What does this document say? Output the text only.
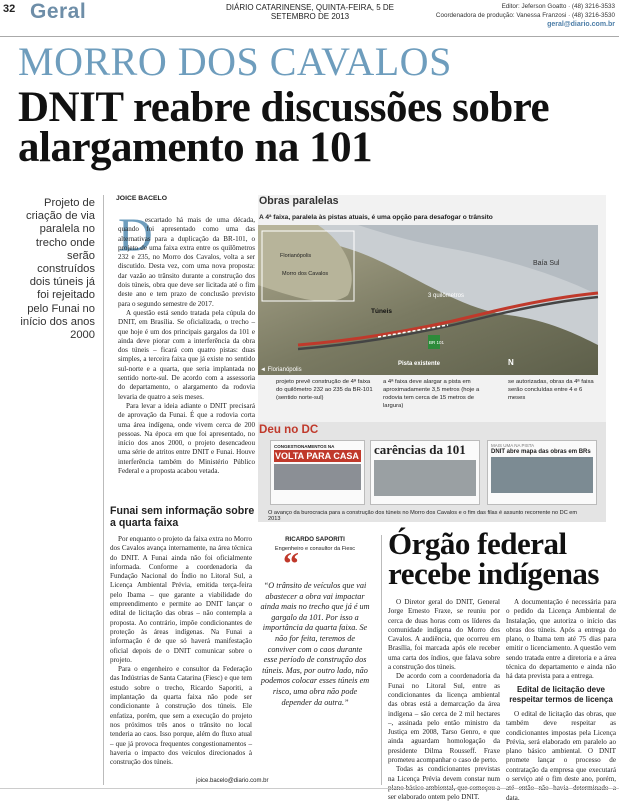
32 Geral	DIÁRIO CATARINENSE, QUINTA-FEIRA, 5 DE SETEMBRO DE 2013
Editor: Jeferson Goatto · (48) 3216-3533
Coordenadora de produção: Vanessa Franzosi · (48) 3216-3530
geral@diario.com.br
MORRO DOS CAVALOS
DNIT reabre discussões sobre alargamento na 101
Projeto de criação de via paralela no trecho onde serão construídos dois túneis já foi rejeitado pelo Funai no início dos anos 2000
JOICE BACELO
D

escartado há mais de uma década, quando foi apresentado como uma das alternativas para a duplicação da BR-101, o projeto de uma faixa extra entre os quilômetros 232 e 235, no Morro dos Cavalos, volta a ser discutido. Desta vez, com uma nova proposta: dar vazão ao trânsito durante a construção dos dois túneis, obra que deve ser licitada até o fim deste ano e tem prazo de conclusão previsto para o segundo semestre de 2017.

A questão está sendo tratada pela cúpula do DNIT, em Brasília. Se oficializada, o trecho – que hoje é um dos principais gargalos da 101 e ainda deve piorar com a interferência da obra dos túneis – ficará com quatro pistas: duas simples, a terceira faixa que já existe no sentido sul-norte e a quarta, que seria implantada no sentido norte-sul. De acordo com a assessoria do departamento, o alargamento da rodovia levaria de quatro a seis meses.

Para levar a ideia adiante o DNIT precisará de aprovação da Funai. É que a rodovia corta uma área indígena, onde vivem cerca de 200 pessoas. Na época em que foi apresentado, no início dos anos 2000, o projeto desencadeou uma série de atritos entre DNIT e Funai. Houve interferência também do Ministério Público Federal e a proposta acabou vetada.

Funai sem informação sobre a quarta faixa

Por enquanto o projeto da faixa extra no Morro dos Cavalos avança internamente, na área técnica do DNIT. A Funai ainda não foi oficialmente informada. Conforme a coordenadoria da Fundação Nacional do Índio no Litoral Sul, a Licença Ambiental Prévia, emitida terça-feira pelo Ibama – que garante a viabilidade do empreendimento e permite ao DNIT lançar o edital de licitação das obras – não contempla a proposta. Ao contrário, impõe condicionantes de proteção às áreas indígenas. Na Funai a informação é de que só haverá manifestação oficial depois de o DNIT comunicar sobre o projeto.

Para o engenheiro e consultor da Federação das Indústrias de Santa Catarina (Fiesc) e que tem estudo sobre o trecho, Ricardo Saporiti, a implantação da quarta faixa não pode ser condicionante à construção dos túneis. Ele enfatiza, porém, que sem a execução do projeto nos próximos três anos o trânsito no local tenderia ao caos. Isso porque, além do fluxo atual – que já provoca frequentes congestionamentos – haveria o impacto dos veículos direcionados à construção dos túneis.

joice.bacelo@diario.com.br
Obras paralelas
A 4ª faixa, paralela às pistas atuais, é uma opção para desafogar o trânsito
Florianópolis
Morro dos Cavalos
Baía Sul
3 quilômetros
Túneis
BR 101
Pista existente
◄ Florianópolis
N
projeto prevê construção de 4ª faixa do quilômetro 232 ao 235 da BR-101 (sentido norte-sul)
a 4ª faixa deve alargar a pista em aproximadamente 3,5 metros (hoje a rodovia tem cerca de 15 metros de largura)
se autorizadas, obras da 4ª faixa serão concluídas entre 4 e 6 meses
Deu no DC
CONGESTIONAMENTOS NA
VOLTA PARA CASA carências da 101	MAIS UMA NA PISTA
DNIT abre mapa das obras em BRs
O avanço da burocracia para a construção dos túneis no Morro dos Cavalos e o fim das filas é assunto recorrente no DC em 2013
RICARDO SAPORITI
Engenheiro e consultor da Fiesc
“
“O trânsito de veículos que vai abastecer a obra vai impactar ainda mais no trecho que já é um gargalo da 101. Por isso a importância da quarta faixa. Se não for feita, teremos de conviver com o caos durante esse período de construção dos túneis. Mas, por outro lado, não podemos colocar esses túneis em risco, uma obra não pode depender da outra.”
Órgão federal recebe indígenas

O Diretor geral do DNIT, General Jorge Ernesto Fraxe, se reuniu por cerca de duas horas com os líderes da comunidade indígena do Morro dos Cavalos. A audiência, que ocorreu em Brasília, foi marcada após ele receber uma carta dos índios, que falava sobre a construção dos túneis.

De acordo com a coordenadoria da Funai no Litoral Sul, entre as condicionantes da licença ambiental das obras está a demarcação da área indígena – são cerca de 2 mil hectares –, assinada pelo então ministro da Justiça em 2008, Tarso Genro, e que ainda aguardam homologação da presidente Dilma Rousseff. Fraxe prometeu acompanhar o caso de perto.

Todas as condicionantes previstas na Licença Prévia devem constar num ser elaborado ontem pelo DNIT.

A documentação é necessária para o pedido da Licença Ambiental de Instalação, que autoriza o início das obras dos túneis. Após a entrega do plano, o Ibama tem até 75 dias para emitir o licenciamento. A questão vem sendo tratada entre a diretoria e a área técnica do departamento e ainda não há data prevista para a entrega.

Edital de licitação deve respeitar termos de licença

O edital de licitação das obras, que também deve respeitar as condicionantes impostas pela Licença Prévia, será elaborado em paralelo ao plano básico ambiental. O DNIT promete lançar o processo de contratação da empresa que executará o serviço até o fim deste ano, porém, data.
